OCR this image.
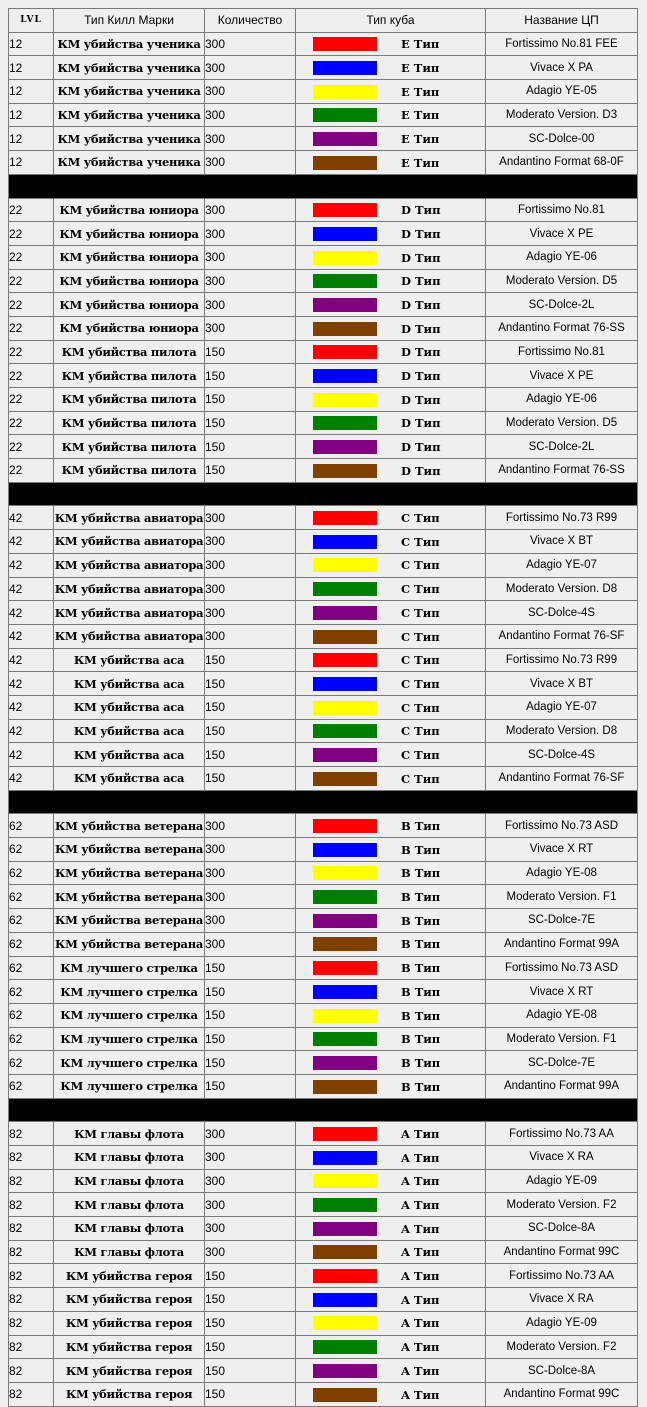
LVL	Тип Килл Марки	Количество	Тип куба	Название ЦП
12	КМ убийства ученика	300	E Тип	Fortissimo No.81 FEE
12	КМ убийства ученика	300	E Тип	Vivace X PA
12	КМ убийства ученика	300	E Тип	Adagio YE-05
12	КМ убийства ученика	300	E Тип	Moderato Version. D3
12	КМ убийства ученика	300	E Тип	SC-Dolce-00
12	КМ убийства ученика	300	E Тип	Andantino Format 68-0F

22	КМ убийства юниора	300	D Тип	Fortissimo No.81
22	КМ убийства юниора	300	D Тип	Vivace X PE
22	КМ убийства юниора	300	D Тип	Adagio YE-06
22	КМ убийства юниора	300	D Тип	Moderato Version. D5
22	КМ убийства юниора	300	D Тип	SC-Dolce-2L
22	КМ убийства юниора	300	D Тип	Andantino Format 76-SS
22	КМ убийства пилота	150	D Тип	Fortissimo No.81
22	КМ убийства пилота	150	D Тип	Vivace X PE
22	КМ убийства пилота	150	D Тип	Adagio YE-06
22	КМ убийства пилота	150	D Тип	Moderato Version. D5
22	КМ убийства пилота	150	D Тип	SC-Dolce-2L
22	КМ убийства пилота	150	D Тип	Andantino Format 76-SS

42	КМ убийства авиатора	300	C Тип	Fortissimo No.73 R99
42	КМ убийства авиатора	300	C Тип	Vivace X BT
42	КМ убийства авиатора	300	C Тип	Adagio YE-07
42	КМ убийства авиатора	300	C Тип	Moderato Version. D8
42	КМ убийства авиатора	300	C Тип	SC-Dolce-4S
42	КМ убийства авиатора	300	C Тип	Andantino Format 76-SF
42	КМ убийства аса	150	C Тип	Fortissimo No.73 R99
42	КМ убийства аса	150	C Тип	Vivace X BT
42	КМ убийства аса	150	C Тип	Adagio YE-07
42	КМ убийства аса	150	C Тип	Moderato Version. D8
42	КМ убийства аса	150	C Тип	SC-Dolce-4S
42	КМ убийства аса	150	C Тип	Andantino Format 76-SF

62	КМ убийства ветерана	300	B Тип	Fortissimo No.73 ASD
62	КМ убийства ветерана	300	B Тип	Vivace X RT
62	КМ убийства ветерана	300	B Тип	Adagio YE-08
62	КМ убийства ветерана	300	B Тип	Moderato Version. F1
62	КМ убийства ветерана	300	B Тип	SC-Dolce-7E
62	КМ убийства ветерана	300	B Тип	Andantino Format 99A
62	КМ лучшего стрелка	150	B Тип	Fortissimo No.73 ASD
62	КМ лучшего стрелка	150	B Тип	Vivace X RT
62	КМ лучшего стрелка	150	B Тип	Adagio YE-08
62	КМ лучшего стрелка	150	B Тип	Moderato Version. F1
62	КМ лучшего стрелка	150	B Тип	SC-Dolce-7E
62	КМ лучшего стрелка	150	B Тип	Andantino Format 99A

82	КМ главы флота	300	A Тип	Fortissimo No.73 AA
82	КМ главы флота	300	A Тип	Vivace X RA
82	КМ главы флота	300	A Тип	Adagio YE-09
82	КМ главы флота	300	A Тип	Moderato Version. F2
82	КМ главы флота	300	A Тип	SC-Dolce-8A
82	КМ главы флота	300	A Тип	Andantino Format 99C
82	КМ убийства героя	150	A Тип	Fortissimo No.73 AA
82	КМ убийства героя	150	A Тип	Vivace X RA
82	КМ убийства героя	150	A Тип	Adagio YE-09
82	КМ убийства героя	150	A Тип	Moderato Version. F2
82	КМ убийства героя	150	A Тип	SC-Dolce-8A
82	КМ убийства героя	150	A Тип	Andantino Format 99C
